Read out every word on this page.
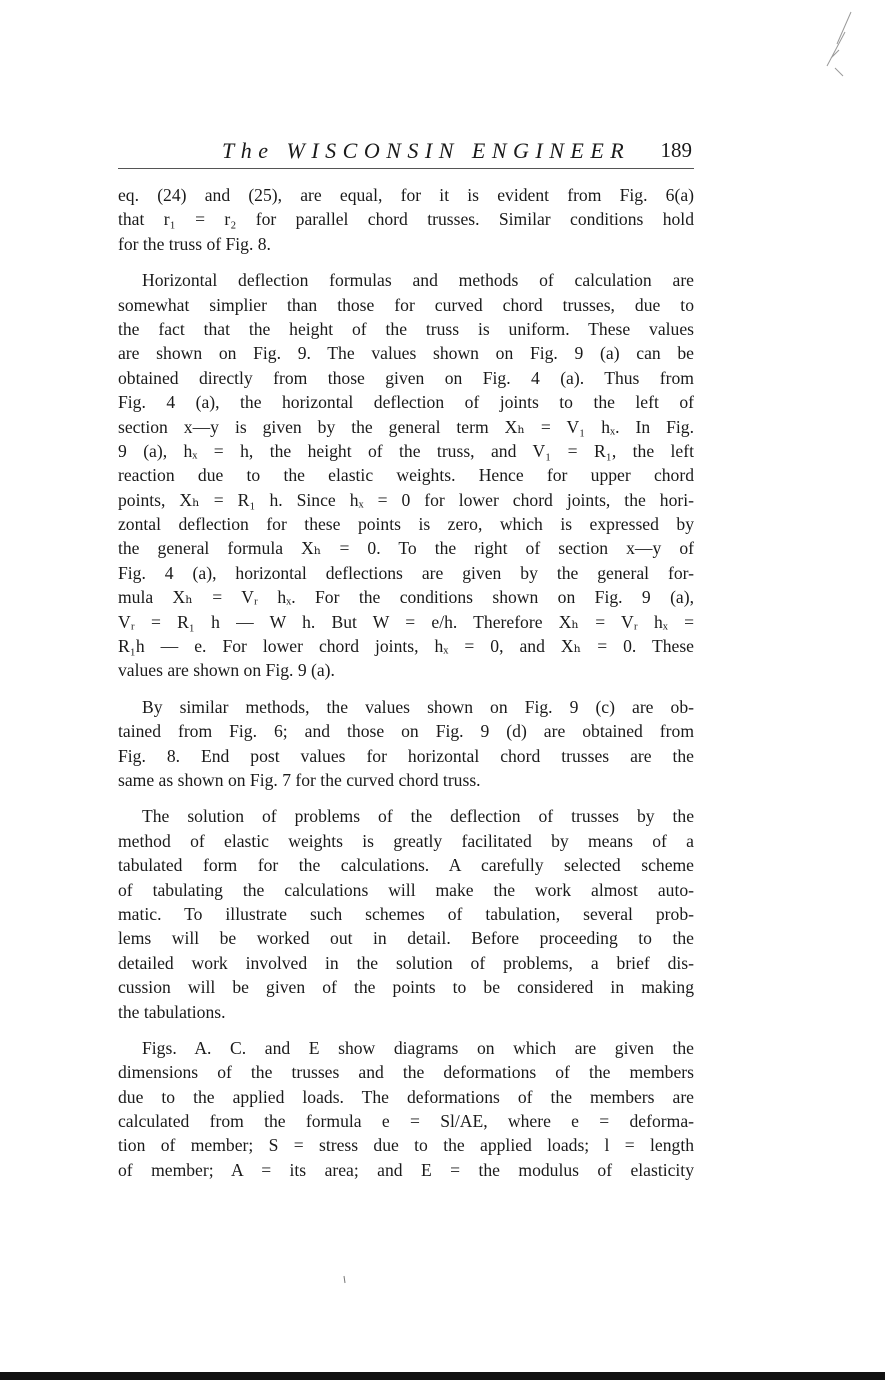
The WISCONSIN ENGINEER 189
eq. (24) and (25), are equal, for it is evident from Fig. 6(a)
that r₁ = r₂ for parallel chord trusses. Similar conditions hold
for the truss of Fig. 8.
Horizontal deflection formulas and methods of calculation are
somewhat simplier than those for curved chord trusses, due to
the fact that the height of the truss is uniform. These values
are shown on Fig. 9. The values shown on Fig. 9 (a) can be
obtained directly from those given on Fig. 4 (a). Thus from
Fig. 4 (a), the horizontal deflection of joints to the left of
section x—y is given by the general term Xₕ = V₁ hₓ. In Fig.
9 (a), hₓ = h, the height of the truss, and V₁ = R₁, the left
reaction due to the elastic weights. Hence for upper chord
points, Xₕ = R₁ h. Since hₓ = 0 for lower chord joints, the hori-
zontal deflection for these points is zero, which is expressed by
the general formula Xₕ = 0. To the right of section x—y of
Fig. 4 (a), horizontal deflections are given by the general for-
mula Xₕ = Vᵣ hₓ. For the conditions shown on Fig. 9 (a),
Vᵣ = R₁ h — W h. But W = e/h. Therefore Xₕ = Vᵣ hₓ =
R₁h — e. For lower chord joints, hₓ = 0, and Xₕ = 0. These
values are shown on Fig. 9 (a).
By similar methods, the values shown on Fig. 9 (c) are ob-
tained from Fig. 6; and those on Fig. 9 (d) are obtained from
Fig. 8. End post values for horizontal chord trusses are the
same as shown on Fig. 7 for the curved chord truss.
The solution of problems of the deflection of trusses by the
method of elastic weights is greatly facilitated by means of a
tabulated form for the calculations. A carefully selected scheme
of tabulating the calculations will make the work almost auto-
matic. To illustrate such schemes of tabulation, several prob-
lems will be worked out in detail. Before proceeding to the
detailed work involved in the solution of problems, a brief dis-
cussion will be given of the points to be considered in making
the tabulations.
Figs. A. C. and E show diagrams on which are given the
dimensions of the trusses and the deformations of the members
due to the applied loads. The deformations of the members are
calculated from the formula e = Sl/AE, where e = deforma-
tion of member; S = stress due to the applied loads; l = length
of member; A = its area; and E = the modulus of elasticity
